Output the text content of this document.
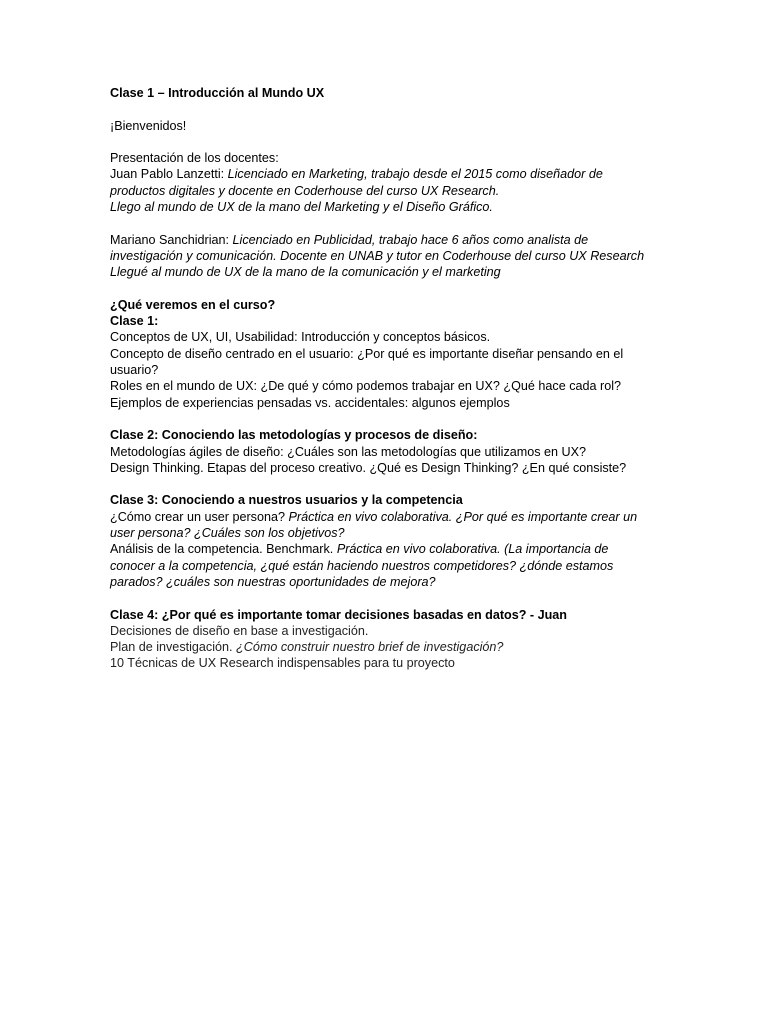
Clase 1 – Introducción al Mundo UX

¡Bienvenidos!

Presentación de los docentes:

Juan Pablo Lanzetti: Licenciado en Marketing, trabajo desde el 2015 como diseñador de

productos digitales y docente en Coderhouse del curso UX Research.

Llego al mundo de UX de la mano del Marketing y el Diseño Gráfico.

Mariano Sanchidrian: Licenciado en Publicidad, trabajo hace 6 años como analista de

investigación y comunicación. Docente en UNAB y tutor en Coderhouse del curso UX Research

Llegué al mundo de UX de la mano de la comunicación y el marketing

¿Qué veremos en el curso?

Clase 1:

Conceptos de UX, UI, Usabilidad: Introducción y conceptos básicos.

Concepto de diseño centrado en el usuario: ¿Por qué es importante diseñar pensando en el

usuario?

Roles en el mundo de UX: ¿De qué y cómo podemos trabajar en UX? ¿Qué hace cada rol?

Ejemplos de experiencias pensadas vs. accidentales: algunos ejemplos

Clase 2: Conociendo las metodologías y procesos de diseño:

Metodologías ágiles de diseño: ¿Cuáles son las metodologías que utilizamos en UX?

Design Thinking. Etapas del proceso creativo. ¿Qué es Design Thinking? ¿En qué consiste?

Clase 3: Conociendo a nuestros usuarios y la competencia

¿Cómo crear un user persona? Práctica en vivo colaborativa. ¿Por qué es importante crear un

user persona? ¿Cuáles son los objetivos?

Análisis de la competencia. Benchmark. Práctica en vivo colaborativa. (La importancia de

conocer a la competencia, ¿qué están haciendo nuestros competidores? ¿dónde estamos

parados? ¿cuáles son nuestras oportunidades de mejora?

Clase 4: ¿Por qué es importante tomar decisiones basadas en datos? - Juan

Decisiones de diseño en base a investigación.

Plan de investigación. ¿Cómo construir nuestro brief de investigación?

10 Técnicas de UX Research indispensables para tu proyecto
